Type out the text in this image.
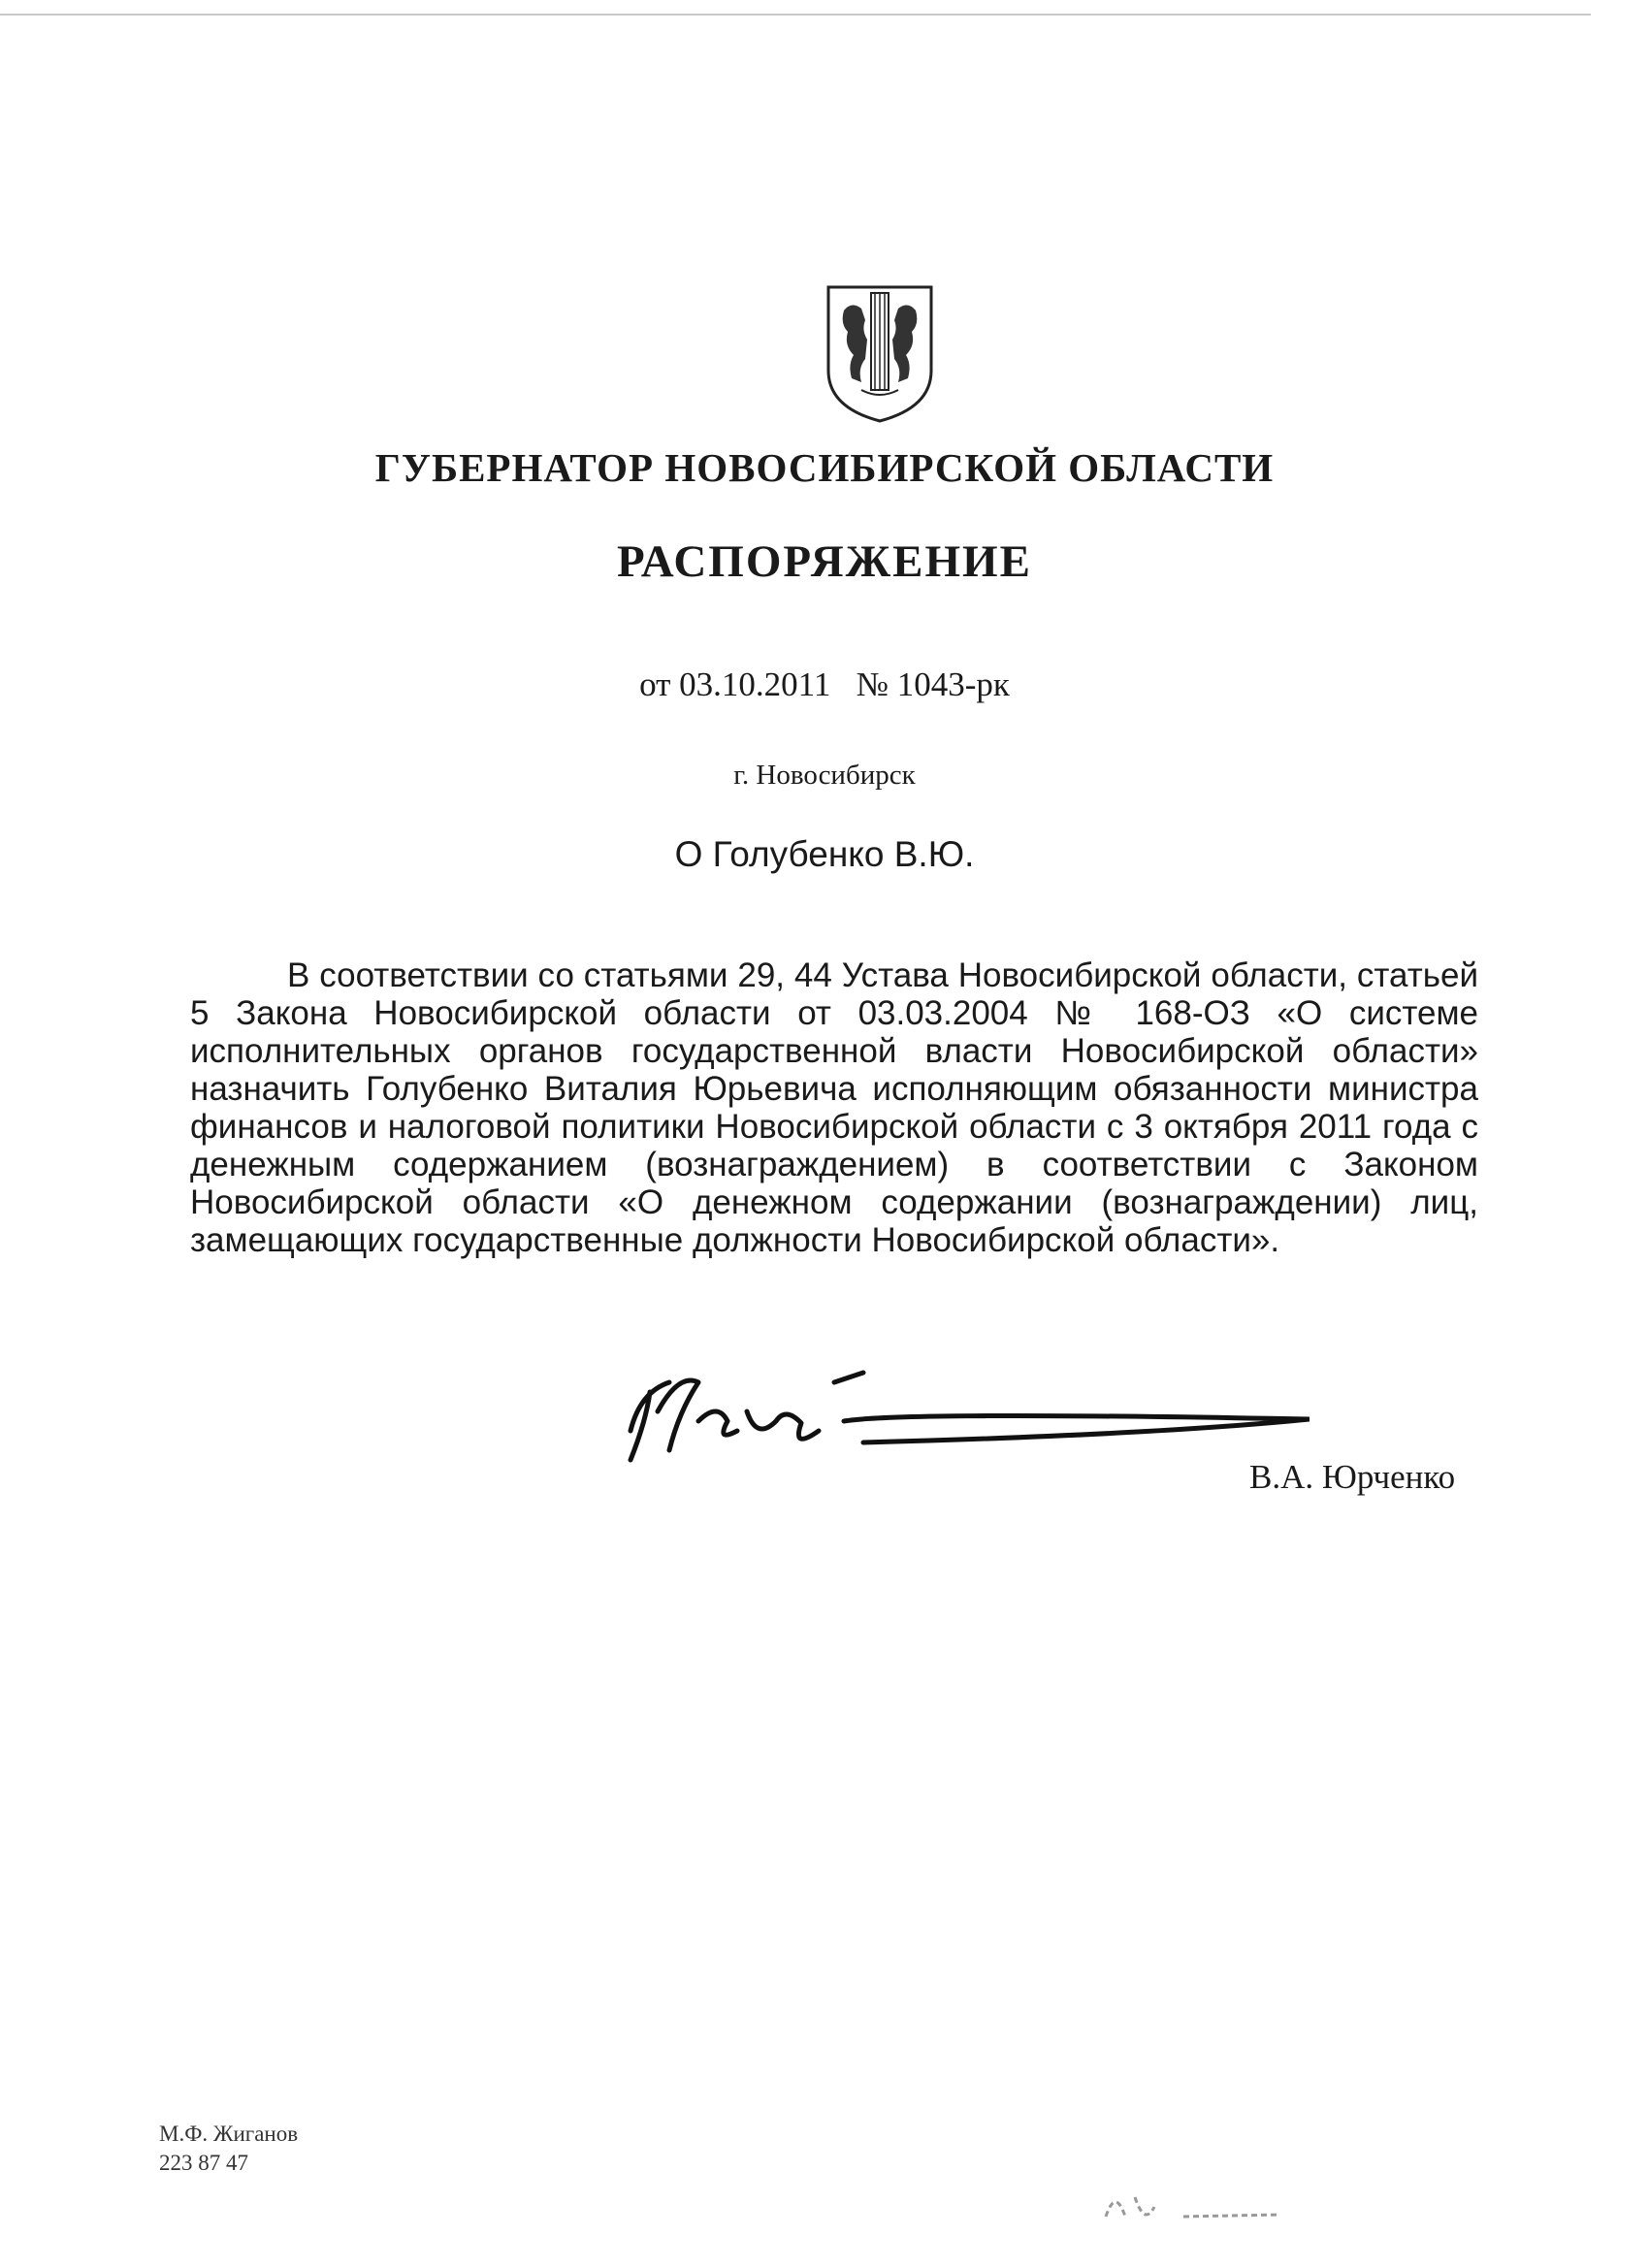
ГУБЕРНАТОР НОВОСИБИРСКОЙ ОБЛАСТИ
РАСПОРЯЖЕНИЕ
от 03.10.2011 № 1043-рк
г. Новосибирск
О Голубенко В.Ю.
В соответствии со статьями 29, 44 Устава Новосибирской области, статьей 5 Закона Новосибирской области от 03.03.2004 № 168-ОЗ «О системе исполнительных органов государственной власти Новосибирской области» назначить Голубенко Виталия Юрьевича исполняющим обязанности министра финансов и налоговой политики Новосибирской области с 3 октября 2011 года с денежным содержанием (вознаграждением) в соответствии с Законом Новосибирской области «О денежном содержании (вознаграждении) лиц, замещающих государственные должности Новосибирской области».
В.А. Юрченко
М.Ф. Жиганов
223 87 47
